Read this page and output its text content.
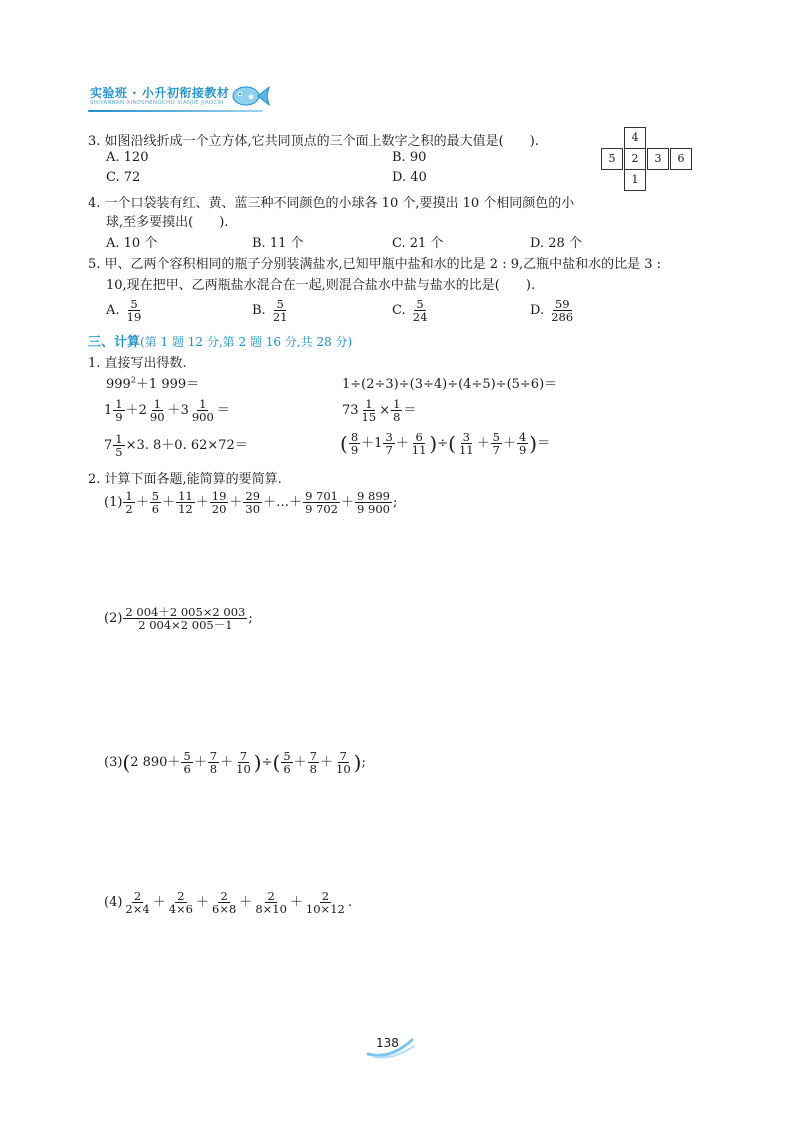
实验班 · 小升初衔接教材
SHIYANBAN XIAOSHENGCHU XIANJIE JIAOCAI
3. 如图沿线折成一个立方体,它共同顶点的三个面上数字之积的最大值是(　　).
A. 120	B. 90
C. 72	D. 40
4
5	2	3	6
1
4. 一个口袋装有红、黄、蓝三种不同颜色的小球各 10 个,要摸出 10 个相同颜色的小
球,至多要摸出(　　).
A. 10 个	B. 11 个	C. 21 个	D. 28 个
5. 甲、乙两个容积相同的瓶子分别装满盐水,已知甲瓶中盐和水的比是 2 : 9,乙瓶中盐和水的比是 3 :
10,现在把甲、乙两瓶盐水混合在一起,则混合盐水中盐与盐水的比是(　　).
A. $\frac{5}{19}$	B. $\frac{5}{21}$	C. $\frac{5}{24}$	D. $\frac{59}{286}$
三、计算(第 1 题 12 分,第 2 题 16 分,共 28 分)
1. 直接写出得数.
$999^2+1$ 999＝	1÷(2÷3)÷(3÷4)÷(4÷5)÷(5÷6)＝
$1 \frac{1}{9} +2 \frac{1}{90} +3 \frac{1}{900}$ ＝	$73 \frac{1}{15} \times \frac{1}{8}$ ＝
$7 \frac{1}{5} \times 3$. 8＋0. 62×72＝	( $\frac{8}{9} +1 \frac{3}{7} + \frac{6}{11}$ )÷( $\frac{3}{11} + \frac{5}{7} + \frac{4}{9}$ )＝
2. 计算下面各题,能简算的要简算.
$(1) \frac{1}{2} + \frac{5}{6} + \frac{11}{12} + \frac{19}{20} + \frac{29}{30}$ ＋…＋ $\frac{9 701}{9 702} + \frac{9 899}{9 900}$ ;
$(2) \frac{2 004+2 005\times 2 003}{2 004\times 2 005-1}$ ;
(3)(2 $890+ \frac{5}{6} + \frac{7}{8} + \frac{7}{10}$ )÷( $\frac{5}{6} + \frac{7}{8} + \frac{7}{10}$ );
$(4) \frac{2}{2\times 4} + \frac{2}{4\times 6} + \frac{2}{6\times 8} + \frac{2}{8\times 10} + \frac{2}{10\times 12}$ .
138
